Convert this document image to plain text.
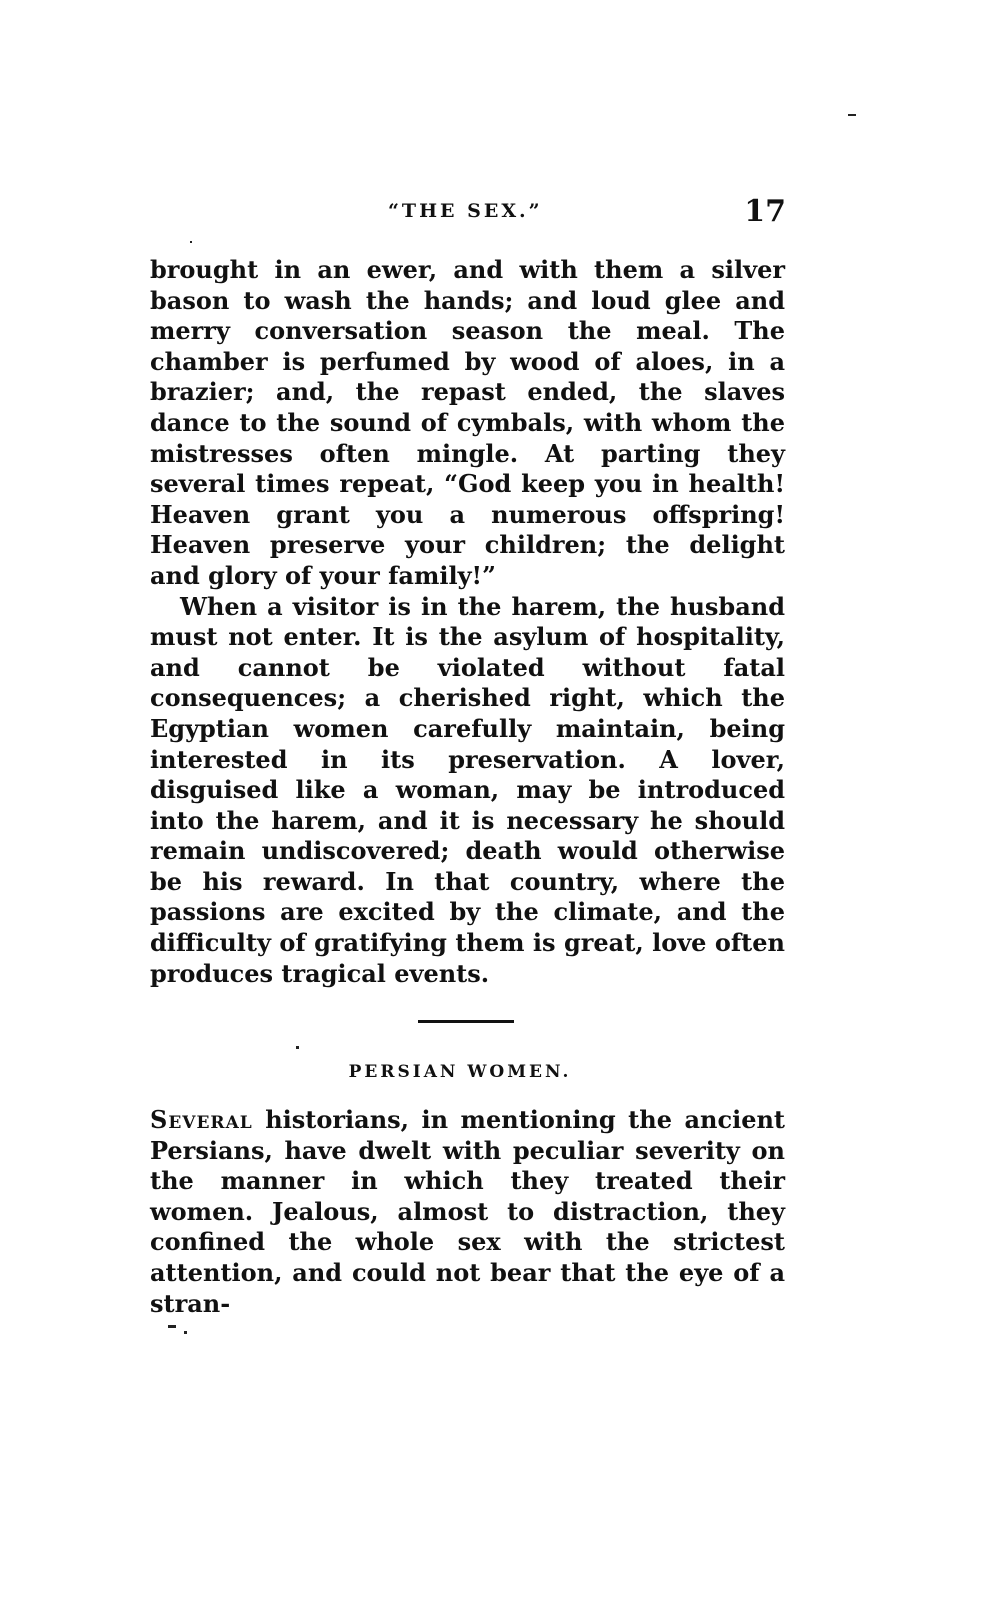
“THE SEX.”	17

brought in an ewer, and with them a silver bason to wash the hands; and loud glee and merry conversation season the meal. The chamber is perfumed by wood of aloes, in a brazier; and, the repast ended, the slaves dance to the sound of cymbals, with whom the mistresses often mingle. At parting they several times repeat, “God keep you in health! Heaven grant you a numerous offspring! Heaven preserve your children; the delight and glory of your family!”

When a visitor is in the harem, the husband must not enter. It is the asylum of hospitality, and cannot be violated without fatal consequences; a cherished right, which the Egyptian women carefully maintain, being interested in its preservation. A lover, disguised like a woman, may be introduced into the harem, and it is necessary he should remain undiscovered; death would otherwise be his reward. In that country, where the passions are excited by the climate, and the difficulty of gratifying them is great, love often produces tragical events.

PERSIAN WOMEN.

Several historians, in mentioning the ancient Persians, have dwelt with peculiar severity on the manner in which they treated their women. Jealous, almost to distraction, they confined the whole sex with the strictest attention, and could not bear that the eye of a stran-
